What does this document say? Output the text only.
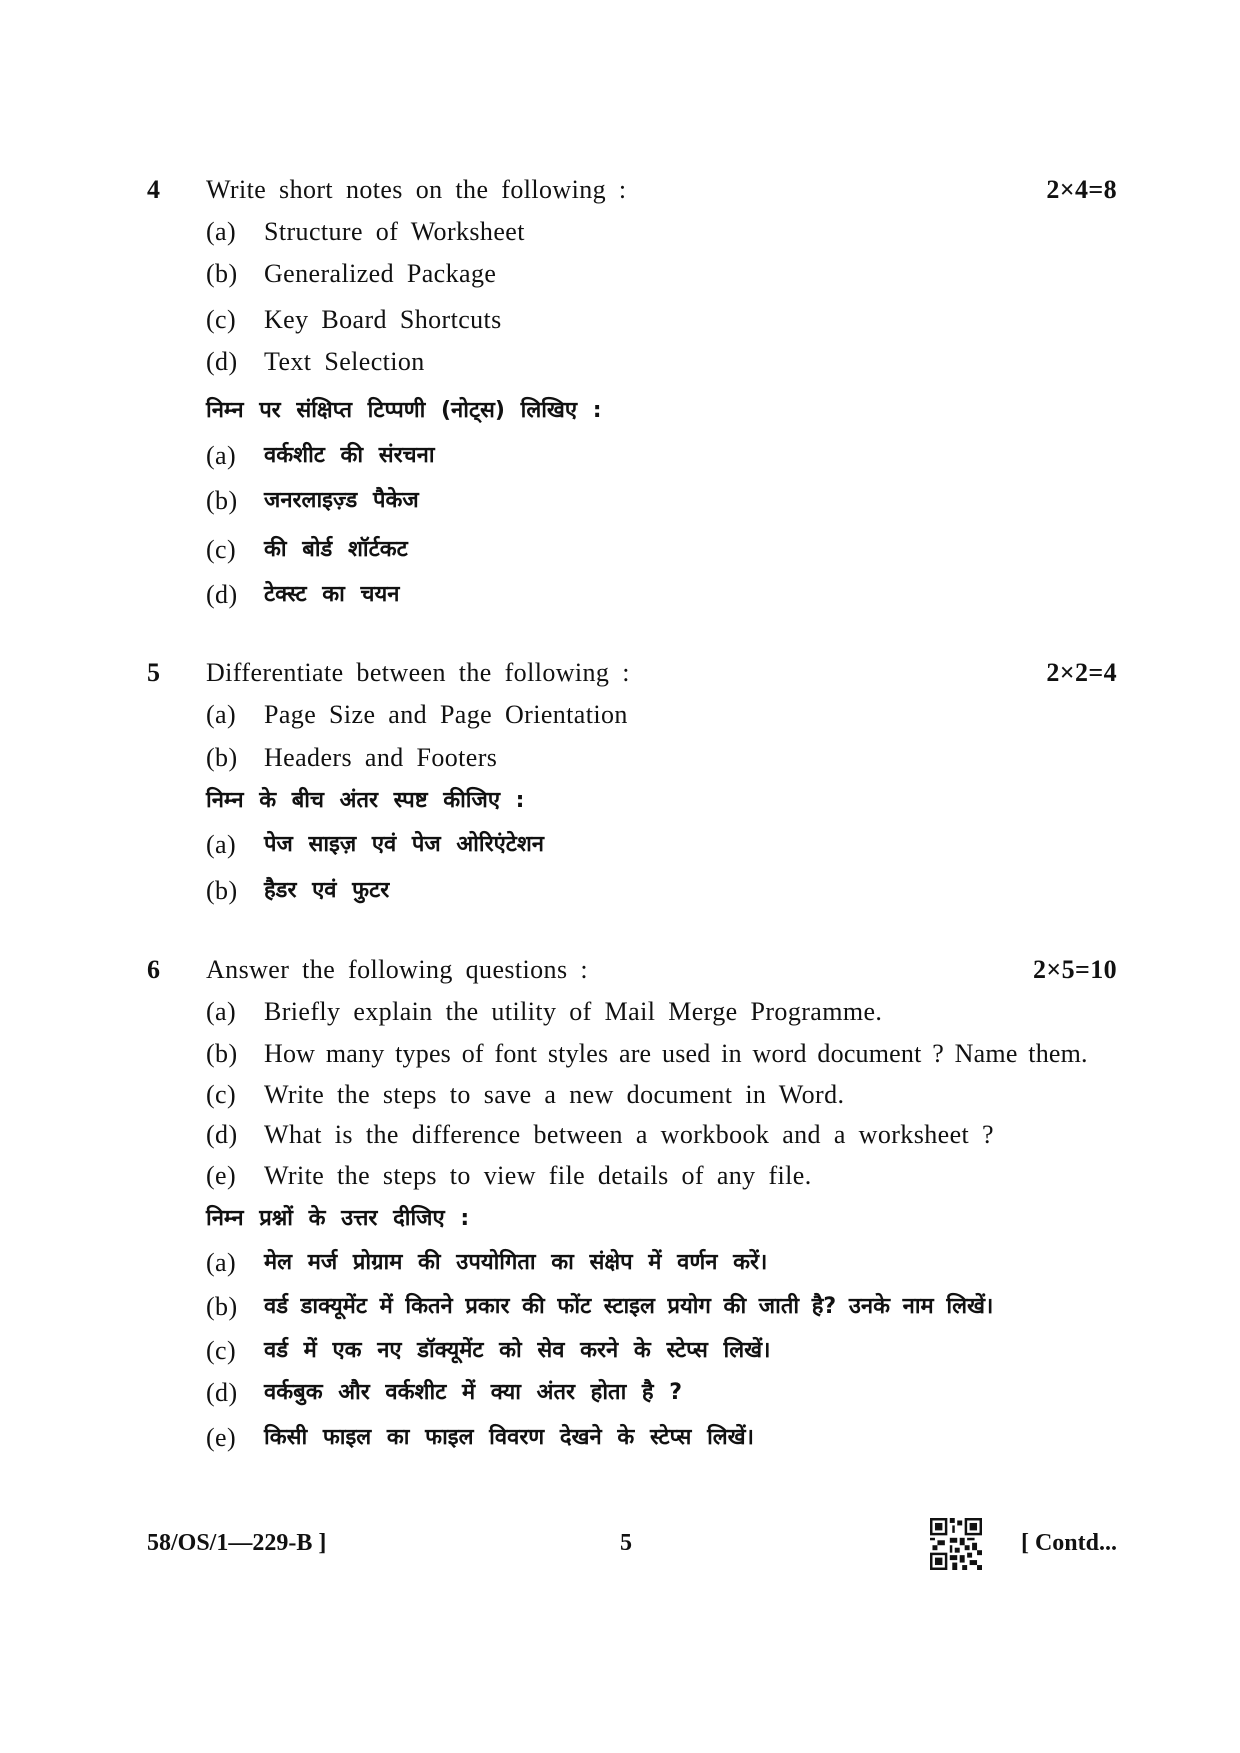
4 Write short notes on the following :	2×4=8
(a) Structure of Worksheet
(b) Generalized Package
(c) Key Board Shortcuts
(d) Text Selection
निम्न पर संक्षिप्त टिप्पणी (नोट्स) लिखिए :
(a) वर्कशीट की संरचना
(b) जनरलाइज़्ड पैकेज
(c) की बोर्ड शॉर्टकट
(d) टेक्स्ट का चयन
5 Differentiate between the following :	2×2=4
(a) Page Size and Page Orientation
(b) Headers and Footers
निम्न के बीच अंतर स्पष्ट कीजिए :
(a) पेज साइज़ एवं पेज ओरिएंटेशन
(b) हैडर एवं फुटर
6 Answer the following questions :	2×5=10
(a) Briefly explain the utility of Mail Merge Programme.
(b) How many types of font styles are used in word document ? Name them.
(c) Write the steps to save a new document in Word.
(d) What is the difference between a workbook and a worksheet ?
(e) Write the steps to view file details of any file.
निम्न प्रश्नों के उत्तर दीजिए :
(a) मेल मर्ज प्रोग्राम की उपयोगिता का संक्षेप में वर्णन करें।
(b) वर्ड डाक्यूमेंट में कितने प्रकार की फोंट स्टाइल प्रयोग की जाती है? उनके नाम लिखें।
(c) वर्ड में एक नए डॉक्यूमेंट को सेव करने के स्टेप्स लिखें।
(d) वर्कबुक और वर्कशीट में क्या अंतर होता है ?
(e) किसी फाइल का फाइल विवरण देखने के स्टेप्स लिखें।
58/OS/1—229-B ]	5	[ Contd...
